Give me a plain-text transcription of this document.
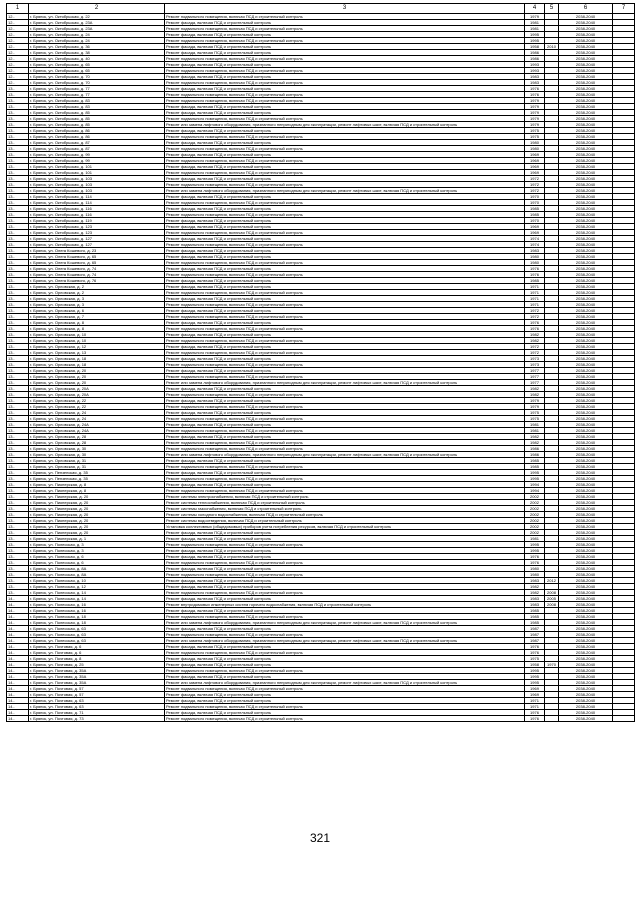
1	2	3	4	5	6	7
12..	г. Брянск, ул. Октябрьская, д. 22	Ремонт подвального помещения, включая ПСД и строительный контроль	1979		2038-2040	
12..	г. Брянск, ул. Октябрьская, д. 23А	Ремонт фасада, включая ПСД и строительный контроль	1981		2038-2040	
12..	г. Брянск, ул. Октябрьская, д. 23А	Ремонт подвального помещения, включая ПСД и строительный контроль	1981		2038-2040	
12..	г. Брянск, ул. Октябрьская, д. 24	Ремонт фасада, включая ПСД и строительный контроль	1995		2038-2040	
12..	г. Брянск, ул. Октябрьская, д. 24	Ремонт подвального помещения, включая ПСД и строительный контроль	1995		2038-2040	
12..	г. Брянск, ул. Октябрьская, д. 36	Ремонт фасада, включая ПСД и строительный контроль	1958	2010	2038-2040	
12..	г. Брянск, ул. Октябрьская, д. 38	Ремонт фасада, включая ПСД и строительный контроль	1986		2038-2040	
12..	г. Брянск, ул. Октябрьская, д. 40	Ремонт подвального помещения, включая ПСД и строительный контроль	1986		2038-2040	
12..	г. Брянск, ул. Октябрьская, д. 65	Ремонт фасада, включая ПСД и строительный контроль	1993		2038-2040	
12..	г. Брянск, ул. Октябрьская, д. 65	Ремонт подвального помещения, включая ПСД и строительный контроль	1993		2038-2040	
12..	г. Брянск, ул. Октябрьская, д. 70	Ремонт фасада, включая ПСД и строительный контроль	1983		2038-2040	
12..	г. Брянск, ул. Октябрьская, д. 70	Ремонт подвального помещения, включая ПСД и строительный контроль	1983		2038-2040	
13..	г. Брянск, ул. Октябрьская, д. 77	Ремонт фасада, включая ПСД и строительный контроль	1976		2038-2040	
13..	г. Брянск, ул. Октябрьская, д. 77	Ремонт подвального помещения, включая ПСД и строительный контроль	1976		2038-2040	
13..	г. Брянск, ул. Октябрьская, д. 83	Ремонт подвального помещения, включая ПСД и строительный контроль	1979		2038-2040	
13..	г. Брянск, ул. Октябрьская, д. 83	Ремонт фасада, включая ПСД и строительный контроль	1979		2038-2040	
13..	г. Брянск, ул. Октябрьская, д. 85	Ремонт фасада, включая ПСД и строительный контроль	1979		2038-2040	
13..	г. Брянск, ул. Октябрьская, д. 85	Ремонт подвального помещения, включая ПСД и строительный контроль	1979		2038-2040	
13..	г. Брянск, ул. Октябрьская, д. 85	Ремонт или замена лифтового оборудования, признанного непригодным для эксплуатации, ремонт лифтовых шахт, включая ПСД и строительный контроль	1979		2038-2040	
13..	г. Брянск, ул. Октябрьская, д. 86	Ремонт фасада, включая ПСД и строительный контроль	1975		2038-2040	
13..	г. Брянск, ул. Октябрьская, д. 86	Ремонт подвального помещения, включая ПСД и строительный контроль	1975		2038-2040	
13..	г. Брянск, ул. Октябрьская, д. 87	Ремонт фасада, включая ПСД и строительный контроль	1980		2038-2040	
13..	г. Брянск, ул. Октябрьская, д. 87	Ремонт подвального помещения, включая ПСД и строительный контроль	1980		2038-2040	
13..	г. Брянск, ул. Октябрьская, д. 99	Ремонт фасада, включая ПСД и строительный контроль	1969		2038-2040	
13..	г. Брянск, ул. Октябрьская, д. 99	Ремонт подвального помещения, включая ПСД и строительный контроль	1969		2038-2040	
13..	г. Брянск, ул. Октябрьская, д. 101	Ремонт фасада, включая ПСД и строительный контроль	1969		2038-2040	
13..	г. Брянск, ул. Октябрьская, д. 101	Ремонт подвального помещения, включая ПСД и строительный контроль	1969		2038-2040	
13..	г. Брянск, ул. Октябрьская, д. 103	Ремонт фасада, включая ПСД и строительный контроль	1972		2038-2040	
13..	г. Брянск, ул. Октябрьская, д. 103	Ремонт подвального помещения, включая ПСД и строительный контроль	1972		2038-2040	
13..	г. Брянск, ул. Октябрьская, д. 103	Ремонт или замена лифтового оборудования, признанного непригодным для эксплуатации, ремонт лифтовых шахт, включая ПСД и строительный контроль	1972		2038-2040	
13..	г. Брянск, ул. Октябрьская, д. 114	Ремонт фасада, включая ПСД и строительный контроль	1970		2038-2040	
13..	г. Брянск, ул. Октябрьская, д. 114	Ремонт подвального помещения, включая ПСД и строительный контроль	1970		2038-2040	
13..	г. Брянск, ул. Октябрьская, д. 116	Ремонт фасада, включая ПСД и строительный контроль	1985		2038-2040	
13..	г. Брянск, ул. Октябрьская, д. 116	Ремонт подвального помещения, включая ПСД и строительный контроль	1985		2038-2040	
13..	г. Брянск, ул. Октябрьская, д. 119	Ремонт фасада, включая ПСД и строительный контроль	1970		2038-2040	
13..	г. Брянск, ул. Октябрьская, д. 123	Ремонт фасада, включая ПСД и строительный контроль	1969		2038-2040	
13..	г. Брянск, ул. Октябрьская, д. 123	Ремонт подвального помещения, включая ПСД и строительный контроль	1969		2038-2040	
13..	г. Брянск, ул. Октябрьская, д. 127	Ремонт фасада, включая ПСД и строительный контроль	1974		2038-2040	
13..	г. Брянск, ул. Октябрьская, д. 127	Ремонт подвального помещения, включая ПСД и строительный контроль	1974		2038-2040	
13..	г. Брянск, ул. Олега Кошевого, д. 23	Ремонт фасада, включая ПСД и строительный контроль	1983		2038-2040	
13..	г. Брянск, ул. Олега Кошевого, д. 65	Ремонт фасада, включая ПСД и строительный контроль	1980		2038-2040	
13..	г. Брянск, ул. Олега Кошевого, д. 65	Ремонт подвального помещения, включая ПСД и строительный контроль	1980		2038-2040	
13..	г. Брянск, ул. Олега Кошевого, д. 74	Ремонт фасада, включая ПСД и строительный контроль	1976		2038-2040	
13..	г. Брянск, ул. Олега Кошевого, д. 74	Ремонт подвального помещения, включая ПСД и строительный контроль	1976		2038-2040	
13..	г. Брянск, ул. Олега Кошевого, д. 76	Ремонт фасада, включая ПСД и строительный контроль	1985		2038-2040	
13..	г. Брянск, ул. Орловская, д. 2	Ремонт фасада, включая ПСД и строительный контроль	1971		2038-2040	
13..	г. Брянск, ул. Орловская, д. 2	Ремонт подвального помещения, включая ПСД и строительный контроль	1971		2038-2040	
13..	г. Брянск, ул. Орловская, д. 3	Ремонт фасада, включая ПСД и строительный контроль	1971		2038-2040	
13..	г. Брянск, ул. Орловская, д. 3	Ремонт подвального помещения, включая ПСД и строительный контроль	1971		2038-2040	
13..	г. Брянск, ул. Орловская, д. 6	Ремонт фасада, включая ПСД и строительный контроль	1972		2038-2040	
13..	г. Брянск, ул. Орловская, д. 7	Ремонт подвального помещения, включая ПСД и строительный контроль	1972		2038-2040	
13..	г. Брянск, ул. Орловская, д. 8	Ремонт фасада, включая ПСД и строительный контроль	1976		2038-2040	
13..	г. Брянск, ул. Орловская, д. 8	Ремонт подвального помещения, включая ПСД и строительный контроль	1976		2038-2040	
13..	г. Брянск, ул. Орловская, д. 10	Ремонт фасада, включая ПСД и строительный контроль	1982		2038-2040	
13..	г. Брянск, ул. Орловская, д. 10	Ремонт подвального помещения, включая ПСД и строительный контроль	1982		2038-2040	
13..	г. Брянск, ул. Орловская, д. 12	Ремонт фасада, включая ПСД и строительный контроль	1972		2038-2040	
13..	г. Брянск, ул. Орловская, д. 13	Ремонт подвального помещения, включая ПСД и строительный контроль	1972		2038-2040	
13..	г. Брянск, ул. Орловская, д. 18	Ремонт фасада, включая ПСД и строительный контроль	1973		2038-2040	
13..	г. Брянск, ул. Орловская, д. 18	Ремонт подвального помещения, включая ПСД и строительный контроль	1973		2038-2040	
13..	г. Брянск, ул. Орловская, д. 20	Ремонт фасада, включая ПСД и строительный контроль	1977		2038-2040	
13..	г. Брянск, ул. Орловская, д. 20	Ремонт подвального помещения, включая ПСД и строительный контроль	1977		2038-2040	
13..	г. Брянск, ул. Орловская, д. 20	Ремонт или замена лифтового оборудования, признанного непригодным для эксплуатации, ремонт лифтовых шахт, включая ПСД и строительный контроль	1977		2038-2040	
13..	г. Брянск, ул. Орловская, д. 20А	Ремонт фасада, включая ПСД и строительный контроль	1982		2038-2040	
13..	г. Брянск, ул. Орловская, д. 20А	Ремонт подвального помещения, включая ПСД и строительный контроль	1982		2038-2040	
13..	г. Брянск, ул. Орловская, д. 22	Ремонт фасада, включая ПСД и строительный контроль	1979		2038-2040	
13..	г. Брянск, ул. Орловская, д. 22	Ремонт подвального помещения, включая ПСД и строительный контроль	1979		2038-2040	
13..	г. Брянск, ул. Орловская, д. 24	Ремонт фасада, включая ПСД и строительный контроль	1975		2038-2040	
13..	г. Брянск, ул. Орловская, д. 24	Ремонт подвального помещения, включая ПСД и строительный контроль	1975		2038-2040	
13..	г. Брянск, ул. Орловская, д. 24А	Ремонт фасада, включая ПСД и строительный контроль	1981		2038-2040	
13..	г. Брянск, ул. Орловская, д. 24А	Ремонт подвального помещения, включая ПСД и строительный контроль	1981		2038-2040	
13..	г. Брянск, ул. Орловская, д. 28	Ремонт фасада, включая ПСД и строительный контроль	1982		2038-2040	
13..	г. Брянск, ул. Орловская, д. 28	Ремонт подвального помещения, включая ПСД и строительный контроль	1982		2038-2040	
13..	г. Брянск, ул. Орловская, д. 30	Ремонт подвального помещения, включая ПСД и строительный контроль	1986		2038-2040	
13..	г. Брянск, ул. Орловская, д. 30	Ремонт или замена лифтового оборудования, признанного непригодным для эксплуатации, ремонт лифтовых шахт, включая ПСД и строительный контроль	1986		2038-2040	
13..	г. Брянск, ул. Орловская, д. 31	Ремонт фасада, включая ПСД и строительный контроль	1985		2038-2040	
13..	г. Брянск, ул. Орловская, д. 31	Ремонт подвального помещения, включая ПСД и строительный контроль	1985		2038-2040	
13..	г. Брянск, ул. Пензенская, д. 35	Ремонт фасада, включая ПСД и строительный контроль	1995		2038-2040	
13..	г. Брянск, ул. Пензенская, д. 35	Ремонт подвального помещения, включая ПСД и строительный контроль	1995		2038-2040	
13..	г. Брянск, ул. Пионерская, д. 8	Ремонт фасада, включая ПСД и строительный контроль	1994		2038-2040	
13..	г. Брянск, ул. Пионерская, д. 8	Ремонт подвального помещения, включая ПСД и строительный контроль	1994		2038-2040	
13..	г. Брянск, ул. Пионерская, д. 20	Ремонт системы электроснабжения, включая ПСД и строительный контроль	2002		2038-2040	
13..	г. Брянск, ул. Пионерская, д. 20	Ремонт системы теплоснабжения, включая ПСД и строительный контроль	2002		2038-2040	
13..	г. Брянск, ул. Пионерская, д. 20	Ремонт системы газоснабжения, включая ПСД и строительный контроль	2002		2038-2040	
13..	г. Брянск, ул. Пионерская, д. 20	Ремонт системы холодного водоснабжения, включая ПСД и строительный контроль	2002		2038-2040	
13..	г. Брянск, ул. Пионерская, д. 20	Ремонт системы водоотведения, включая ПСД и строительный контроль	2002		2038-2040	
13..	г. Брянск, ул. Пионерская, д. 20	Установка коллективных (общедомовых) приборов учета потребления ресурсов, включая ПСД и строительный контроль	2002		2038-2040	
13..	г. Брянск, ул. Пионерская, д. 20	Ремонт фасада, включая ПСД и строительный контроль	2002		2038-2040	
13..	г. Брянск, ул. Пионерская, д. 1	Ремонт фасада, включая ПСД и строительный контроль	1981		2038-2040	
13..	г. Брянск, ул. Полесская, д. 3	Ремонт подвального помещения, включая ПСД и строительный контроль	1995		2038-2040	
13..	г. Брянск, ул. Полесская, д. 3	Ремонт фасада, включая ПСД и строительный контроль	1995		2038-2040	
13..	г. Брянск, ул. Полесская, д. 6	Ремонт фасада, включая ПСД и строительный контроль	1976		2038-2040	
13..	г. Брянск, ул. Полесская, д. 6	Ремонт подвального помещения, включая ПСД и строительный контроль	1976		2038-2040	
13..	г. Брянск, ул. Полесская, д. 8А	Ремонт фасада, включая ПСД и строительный контроль	1980		2038-2040	
13..	г. Брянск, ул. Полесская, д. 8А	Ремонт подвального помещения, включая ПСД и строительный контроль	1980		2038-2040	
13..	г. Брянск, ул. Полесская, д. 10	Ремонт фасада, включая ПСД и строительный контроль	1983	2012	2038-2040	
13..	г. Брянск, ул. Полесская, д. 12	Ремонт фасада, включая ПСД и строительный контроль	1982		2038-2040	
13..	г. Брянск, ул. Полесская, д. 14	Ремонт подвального помещения, включая ПСД и строительный контроль	1982	2008	2038-2040	
14..	г. Брянск, ул. Полесская, д. 14	Ремонт фасада, включая ПСД и строительный контроль	1983	2005	2038-2040	
14..	г. Брянск, ул. Полесская, д. 16	Ремонт внутридомовых инженерных систем горячего водоснабжения, включая ПСД и строительный контроль	1983	2008	2038-2040	
14..	г. Брянск, ул. Полесская, д. 16	Ремонт фасада, включая ПСД и строительный контроль	1985		2038-2040	
14..	г. Брянск, ул. Полесская, д. 18	Ремонт подвального помещения, включая ПСД и строительный контроль	1985		2038-2040	
14..	г. Брянск, ул. Полесская, д. 18	Ремонт или замена лифтового оборудования, признанного непригодным для эксплуатации, ремонт лифтовых шахт, включая ПСД и строительный контроль	1985		2038-2040	
14..	г. Брянск, ул. Полесская, д. 63	Ремонт фасада, включая ПСД и строительный контроль	1987		2038-2040	
14..	г. Брянск, ул. Полесская, д. 63	Ремонт подвального помещения, включая ПСД и строительный контроль	1987		2038-2040	
14..	г. Брянск, ул. Полесская, д. 63	Ремонт или замена лифтового оборудования, признанного непригодным для эксплуатации, ремонт лифтовых шахт, включая ПСД и строительный контроль	1987		2038-2040	
14..	г. Брянск, ул. Почтовая, д. 6	Ремонт фасада, включая ПСД и строительный контроль	1976		2038-2040	
14..	г. Брянск, ул. Почтовая, д. 6	Ремонт подвального помещения, включая ПСД и строительный контроль	1976		2038-2040	
14..	г. Брянск, ул. Почтовая, д. 8	Ремонт фасада, включая ПСД и строительный контроль	1975		2038-2040	
14..	г. Брянск, ул. Почтовая, д. 25	Ремонт фасада, включая ПСД и строительный контроль	1958	1970	2038-2040	
14..	г. Брянск, ул. Почтовая, д. 35А	Ремонт подвального помещения, включая ПСД и строительный контроль	1995		2038-2040	
14..	г. Брянск, ул. Почтовая, д. 35А	Ремонт фасада, включая ПСД и строительный контроль	1995		2038-2040	
14..	г. Брянск, ул. Почтовая, д. 35А	Ремонт или замена лифтового оборудования, признанного непригодным для эксплуатации, ремонт лифтовых шахт, включая ПСД и строительный контроль	1995		2038-2040	
14..	г. Брянск, ул. Почтовая, д. 57	Ремонт подвального помещения, включая ПСД и строительный контроль	1969		2038-2040	
14..	г. Брянск, ул. Почтовая, д. 57	Ремонт фасада, включая ПСД и строительный контроль	1969		2038-2040	
14..	г. Брянск, ул. Почтовая, д. 63	Ремонт фасада, включая ПСД и строительный контроль	1971		2038-2040	
14..	г. Брянск, ул. Почтовая, д. 63	Ремонт подвального помещения, включая ПСД и строительный контроль	1971		2038-2040	
14..	г. Брянск, ул. Почтовая, д. 71	Ремонт фасада, включая ПСД и строительный контроль	1976		2038-2040	
14..	г. Брянск, ул. Почтовая, д. 73	Ремонт подвального помещения, включая ПСД и строительный контроль	1976		2038-2040	
321
